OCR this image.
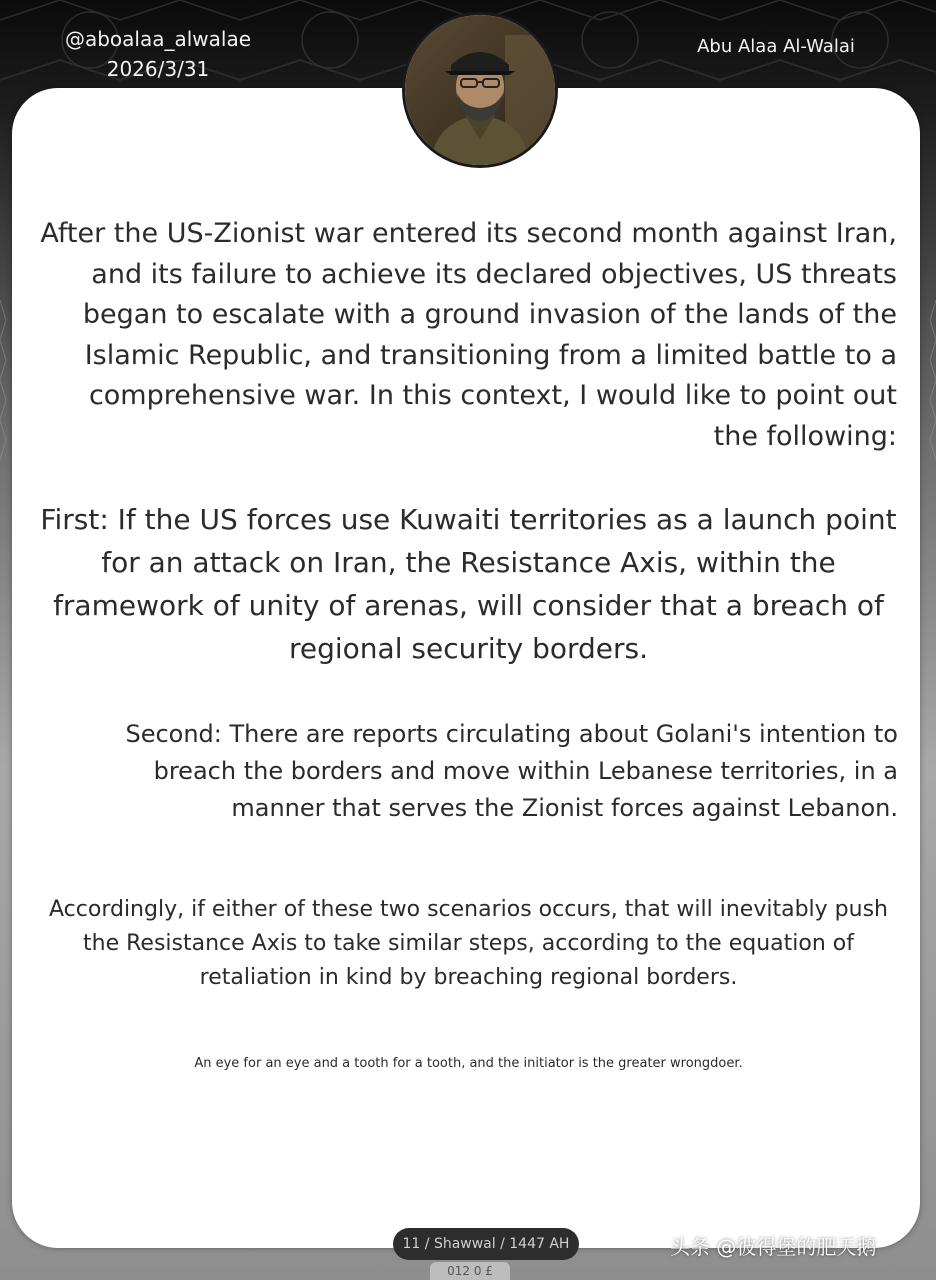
@aboalaa_alwalae
2026/3/31
Abu Alaa Al-Walai
After the US-Zionist war entered its second month against Iran, and its failure to achieve its declared objectives, US threats began to escalate with a ground invasion of the lands of the Islamic Republic, and transitioning from a limited battle to a comprehensive war. In this context, I would like to point out the following:
First: If the US forces use Kuwaiti territories as a launch point for an attack on Iran, the Resistance Axis, within the framework of unity of arenas, will consider that a breach of regional security borders.
Second: There are reports circulating about Golani's intention to breach the borders and move within Lebanese territories, in a manner that serves the Zionist forces against Lebanon.
Accordingly, if either of these two scenarios occurs, that will inevitably push the Resistance Axis to take similar steps, according to the equation of retaliation in kind by breaching regional borders.
An eye for an eye and a tooth for a tooth, and the initiator is the greater wrongdoer.
11 / Shawwal / 1447 AH
012 0 £
头条 @彼得堡的肥天鹅
